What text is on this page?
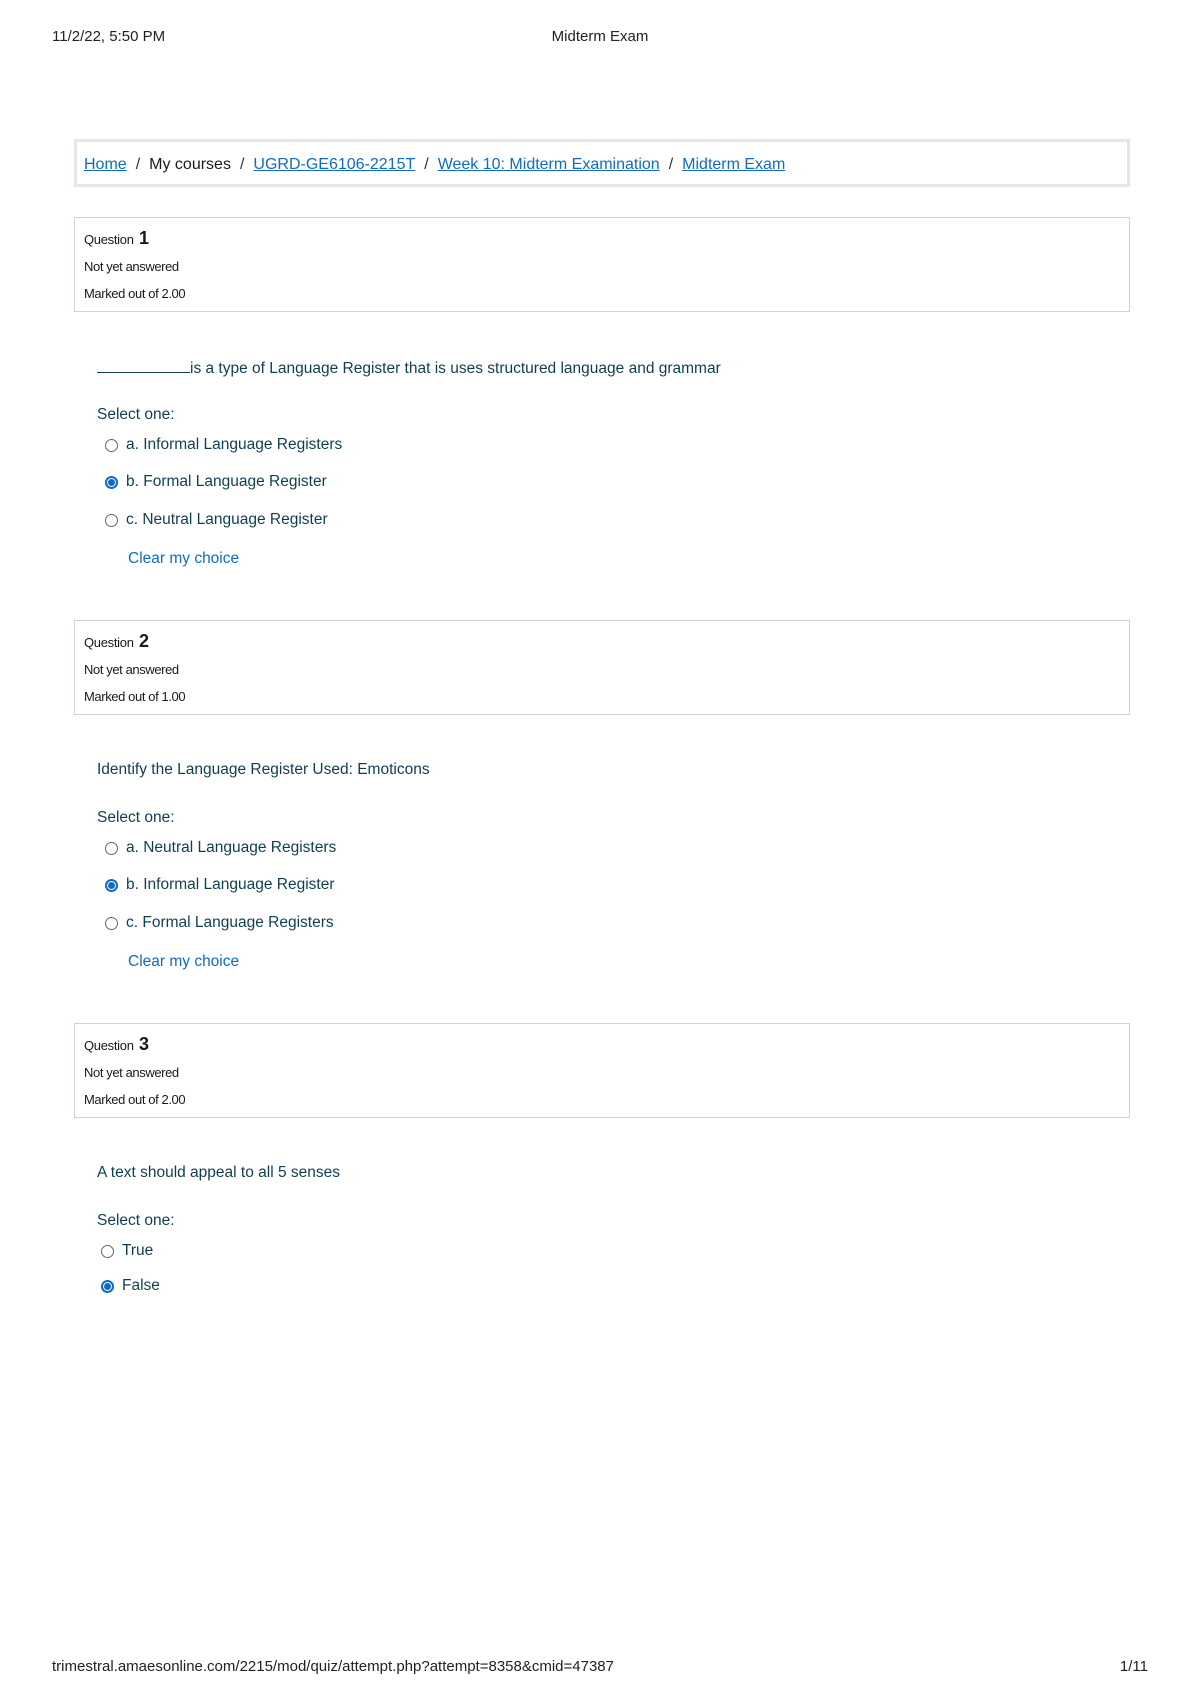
11/2/22, 5:50 PM	Midterm Exam
Home / My courses / UGRD-GE6106-2215T / Week 10: Midterm Examination / Midterm Exam
Question 1
Not yet answered
Marked out of 2.00
is a type of Language Register that is uses structured language and grammar
Select one:
a. Informal Language Registers
b. Formal Language Register
c. Neutral Language Register
Clear my choice
Question 2
Not yet answered
Marked out of 1.00
Identify the Language Register Used: Emoticons
Select one:
a. Neutral Language Registers
b. Informal Language Register
c. Formal Language Registers
Clear my choice
Question 3
Not yet answered
Marked out of 2.00
A text should appeal to all 5 senses
Select one:
True
False
trimestral.amaesonline.com/2215/mod/quiz/attempt.php?attempt=8358&cmid=47387	1/11
